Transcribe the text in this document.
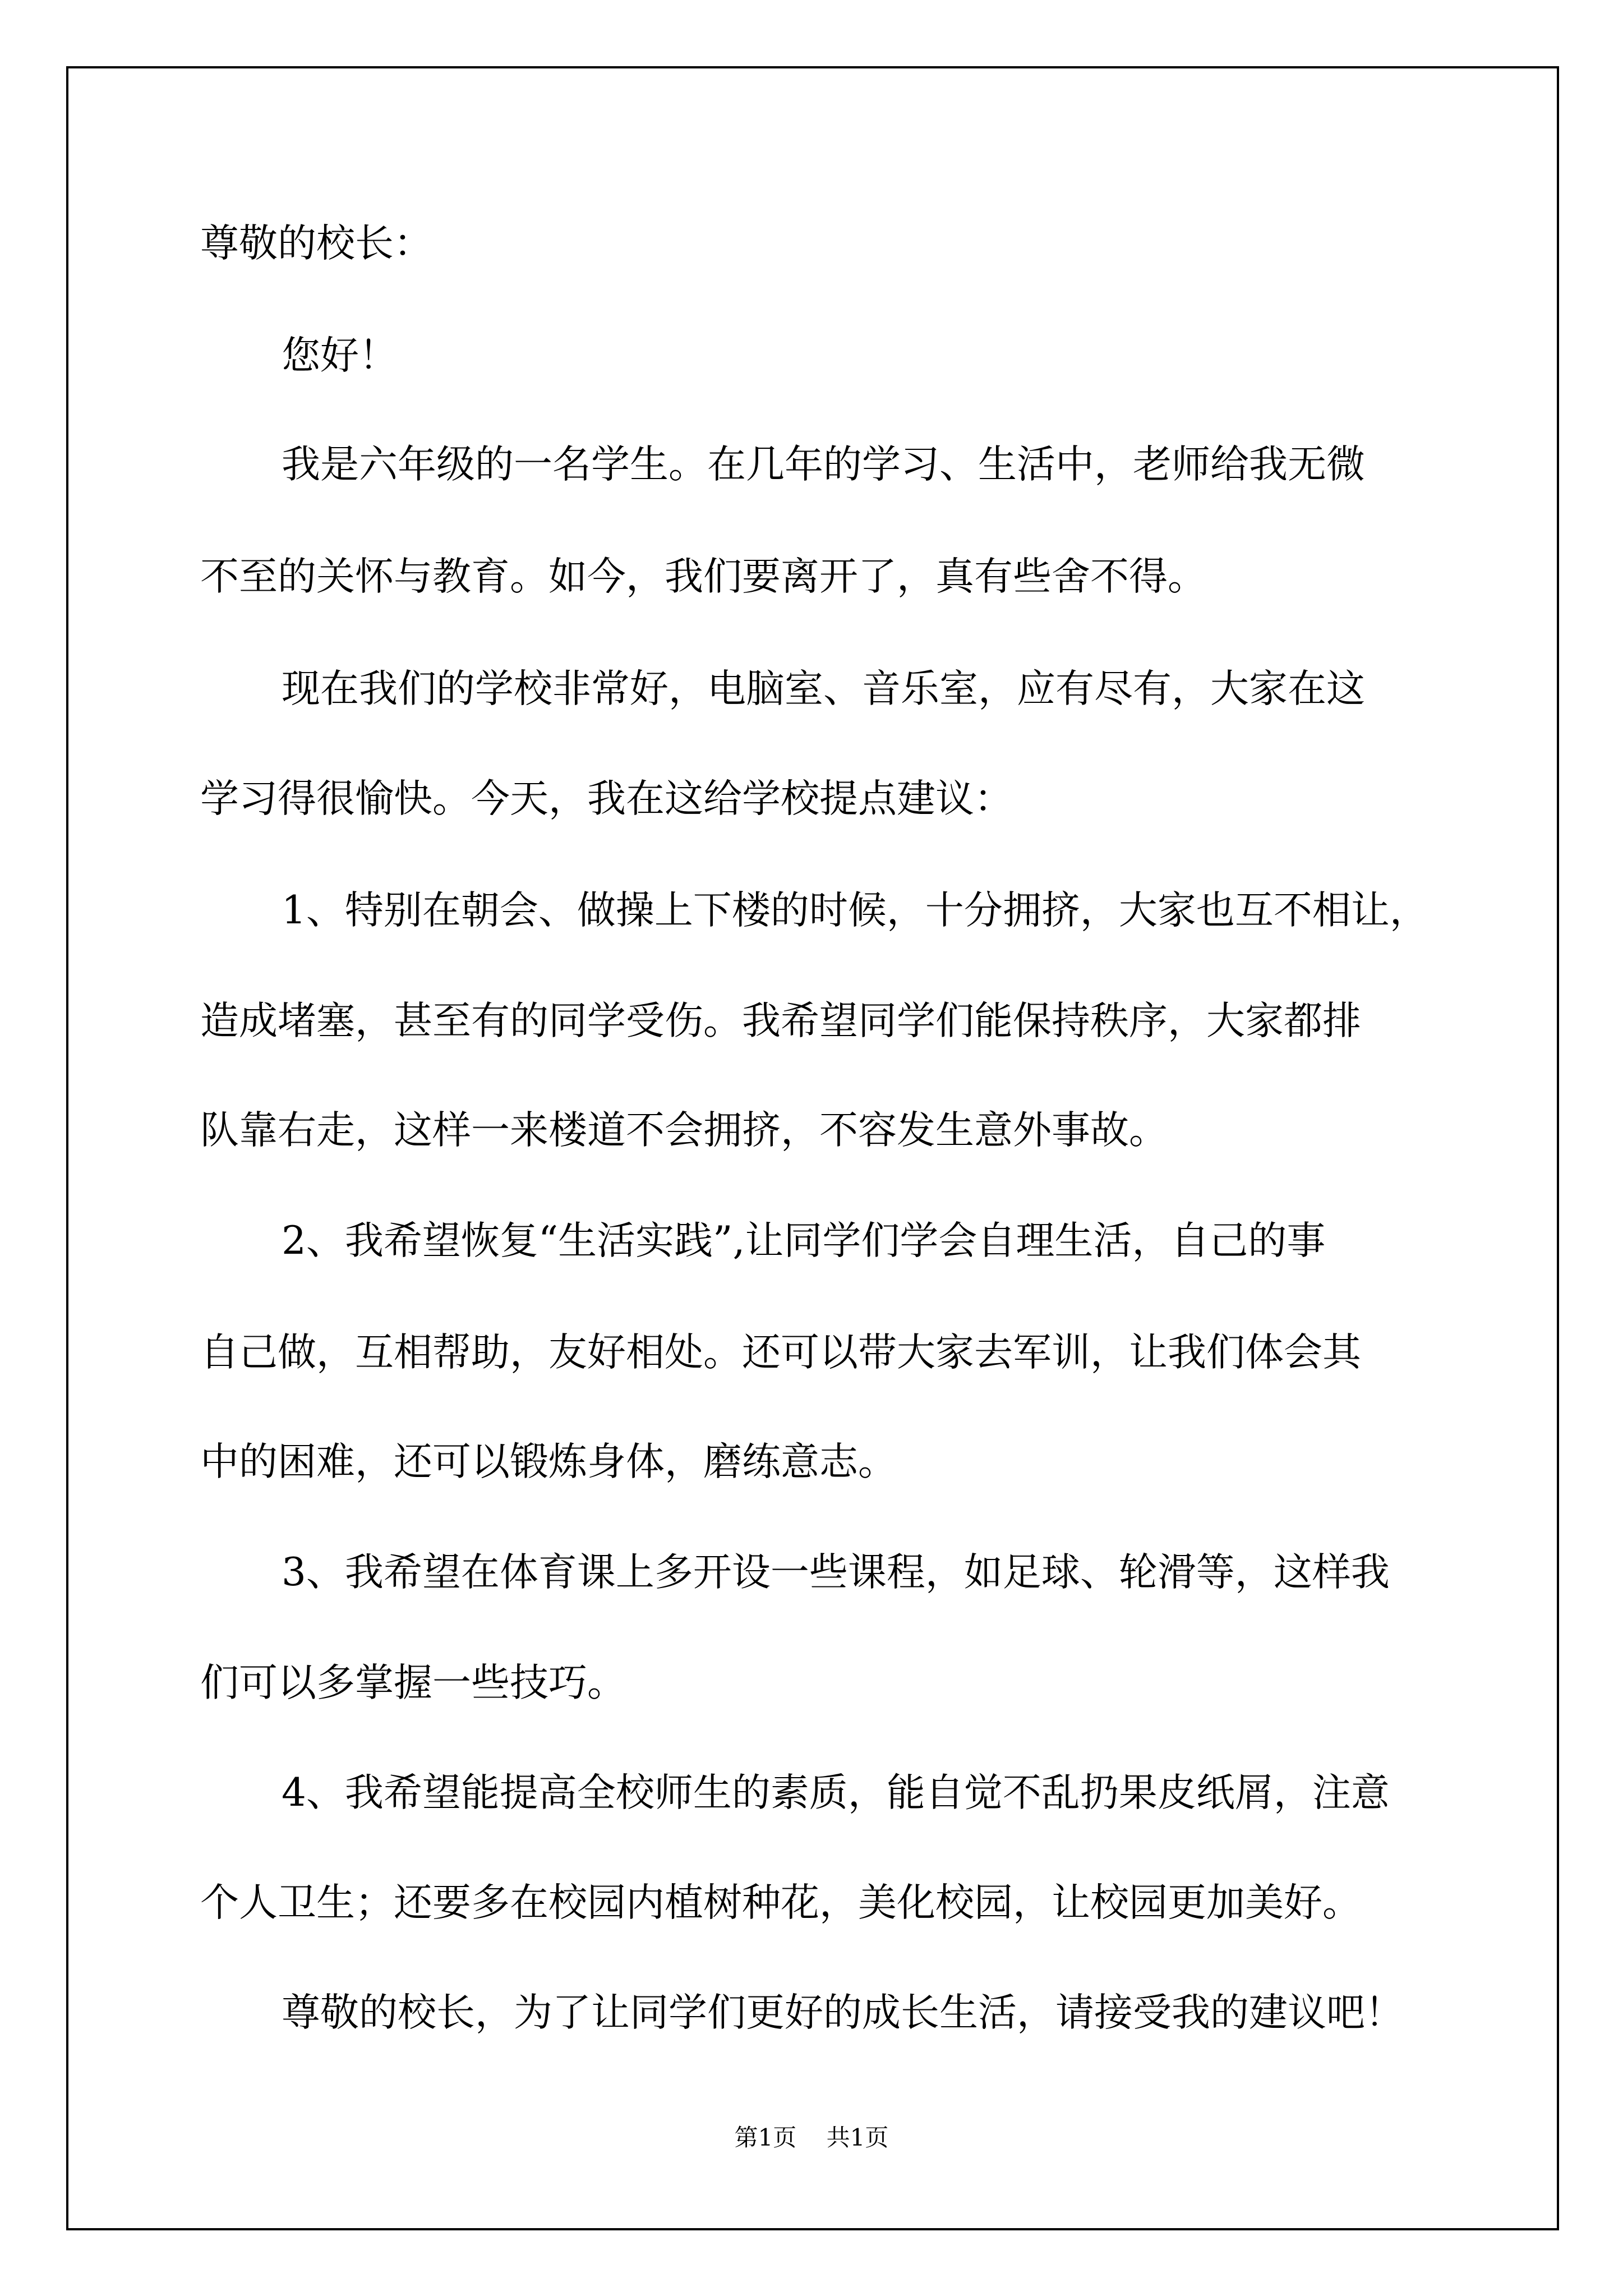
尊敬的校长：
您好！
我是六年级的一名学生。在几年的学习、生活中，老师给我无微
不至的关怀与教育。如今，我们要离开了，真有些舍不得。
现在我们的学校非常好，电脑室、音乐室，应有尽有，大家在这
学习得很愉快。今天，我在这给学校提点建议：
1、特别在朝会、做操上下楼的时候，十分拥挤，大家也互不相让，
造成堵塞，甚至有的同学受伤。我希望同学们能保持秩序，大家都排
队靠右走，这样一来楼道不会拥挤，不容发生意外事故。
2、我希望恢复“生活实践”,让同学们学会自理生活，自己的事
自己做，互相帮助，友好相处。还可以带大家去军训，让我们体会其
中的困难，还可以锻炼身体，磨练意志。
3、我希望在体育课上多开设一些课程，如足球、轮滑等，这样我
们可以多掌握一些技巧。
4、我希望能提高全校师生的素质，能自觉不乱扔果皮纸屑，注意
个人卫生；还要多在校园内植树种花，美化校园，让校园更加美好。
尊敬的校长，为了让同学们更好的成长生活，请接受我的建议吧！
第1页 共1页
